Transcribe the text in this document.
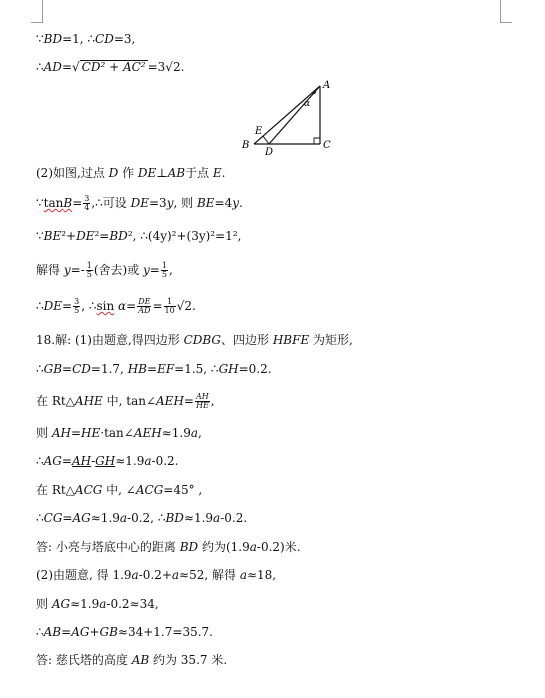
∵BD=1, ∴CD=3,
∴AD=√ CD² + AC² =3√2.
A
B	C
D
E
α
(2)如图,过点 D 作 DE⊥AB于点 E.
∵tanB= $\frac{3}{4}$ ,∴可设 DE=3y, 则 BE=4y.
∵BE²+DE²=BD², ∴(4y)²+(3y)²=1²,
解得 $y=- \frac{1}{5}$ (舍去)或 $y= \frac{1}{5}$ ,
∴DE= $\frac{3}{5}$ , ∴sin $\alpha= \frac{DE}{AD} = \frac{1}{10} √2$.
18.解: (1)由题意,得四边形 CDBG、四边形 HBFE 为矩形,
∴GB=CD=1.7, HB=EF=1.5, ∴GH=0.2.
在 Rt△AHE 中, tan∠AEH= $\frac{AH}{HE}$ ,
则 AH=HE·tan∠AEH≈1.9a,
∴AG=AH-GH≈1.9a-0.2.
在 Rt△ACG 中, ∠ACG=45° ,
∴CG=AG≈1.9a-0.2, ∴BD≈1.9a-0.2.
答: 小亮与塔底中心的距离 BD 约为(1.9a-0.2)米.
(2)由题意, 得 1.9a-0.2+a≈52, 解得 a≈18,
则 AG≈1.9a-0.2≈34,
∴AB=AG+GB≈34+1.7=35.7.
答: 慈氏塔的高度 AB 约为 35.7 米.
